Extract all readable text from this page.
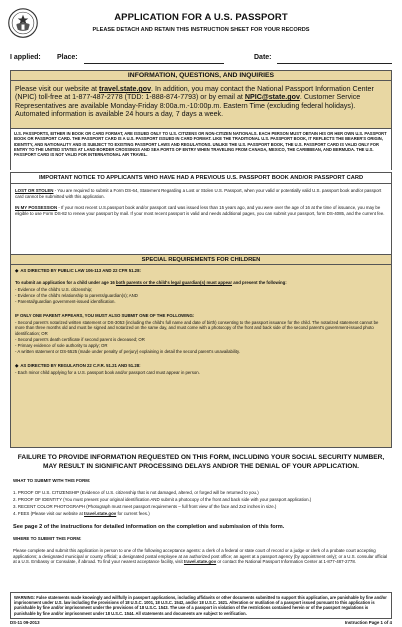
APPLICATION FOR A U.S. PASSPORT
PLEASE DETACH AND RETAIN THIS INSTRUCTION SHEET FOR YOUR RECORDS
I applied: Place:	Date:
INFORMATION, QUESTIONS, AND INQUIRIES
Please visit our website at travel.state.gov. In addition, you may contact the National Passport Information Center (NPIC) toll-free at 1-877-487-2778 (TDD: 1-888-874-7793) or by email at NPIC@state.gov. Customer Service Representatives are available Monday-Friday 8:00a.m.-10:00p.m. Eastern Time (excluding federal holidays). Automated information is available 24 hours a day, 7 days a week.
U.S. PASSPORTS, EITHER IN BOOK OR CARD FORMAT, ARE ISSUED ONLY TO U.S. CITIZENS OR NON-CITIZEN NATIONALS. EACH PERSON MUST OBTAIN HIS OR HER OWN U.S. PASSPORT BOOK OR PASSPORT CARD. THE PASSPORT CARD IS A U.S. PASSPORT ISSUED IN CARD FORMAT. LIKE THE TRADITIONAL U.S. PASSPORT BOOK, IT REFLECTS THE BEARER'S ORIGIN, IDENTITY, AND NATIONALITY AND IS SUBJECT TO EXISTING PASSPORT LAWS AND REGULATIONS. UNLIKE THE U.S. PASSPORT BOOK, THE U.S. PASSPORT CARD IS VALID ONLY FOR ENTRY TO THE UNITED STATES AT LAND BORDER CROSSINGS AND SEA PORTS OF ENTRY WHEN TRAVELING FROM CANADA, MEXICO, THE CARIBBEAN, AND BERMUDA. THE U.S. PASSPORT CARD IS NOT VALID FOR INTERNATIONAL AIR TRAVEL.
IMPORTANT NOTICE TO APPLICANTS WHO HAVE HAD A PREVIOUS U.S. PASSPORT BOOK AND/OR PASSPORT CARD
LOST OR STOLEN - You are required to submit a Form DS-64, Statement Regarding a Lost or Stolen U.S. Passport, when your valid or potentially valid U.S. passport book and/or passport card cannot be submitted with this application.
IN MY POSSESSION - If your most recent U.S.passport book and/or passport card was issued less than 15 years ago, and you were over the age of 16 at the time of issuance, you may be eligible to use Form DS-82 to renew your passport by mail. If your most recent passport is valid and needs additional pages, you can submit your passport, form DS-4085, and the current fee.
SPECIAL REQUIREMENTS FOR CHILDREN
◆ AS DIRECTED BY PUBLIC LAW 106-113 AND 22 CFR 51.28:
To submit an application for a child under age 16 both parents or the child's legal guardian(s) must appear and present the following:
- Evidence of the child's U.S. citizenship;
- Evidence of the child's relationship to parents/guardian(s); AND
- Parental/guardian government-issued identification.
IF ONLY ONE PARENT APPEARS, YOU MUST ALSO SUBMIT ONE OF THE FOLLOWING:
- Second parent's notarized written statement or DS-3053 (including the child's full name and date of birth) consenting to the passport issuance for the child. The notarized statement cannot be more than three months old and must be signed and notarized on the same day, and must come with a photocopy of the front and back side of the second parent's government-issued photo identification; OR
- Second parent's death certificate if second parent is deceased; OR
- Primary evidence of sole authority to apply; OR
- A written statement or DS-5525 (made under penalty of perjury) explaining in detail the second parent's unavailability.
◆ AS DIRECTED BY REGULATION 22 C.F.R. 51.21 AND 51.28:
- Each minor child applying for a U.S. passport book and/or passport card must appear in person.
FAILURE TO PROVIDE INFORMATION REQUESTED ON THIS FORM, INCLUDING YOUR SOCIAL SECURITY NUMBER,
MAY RESULT IN SIGNIFICANT PROCESSING DELAYS AND/OR THE DENIAL OF YOUR APPLICATION.
WHAT TO SUBMIT WITH THIS FORM:
1. PROOF OF U.S. CITIZENSHIP (Evidence of U.S. citizenship that is not damaged, altered, or forged will be returned to you.)
2. PROOF OF IDENTITY (You must present your original identification AND submit a photocopy of the front and back side with your passport application.)
3. RECENT COLOR PHOTOGRAPH (Photograph must meet passport requirements – full front view of the face and 2x2 inches in size.)
4. FEES (Please visit our website at travel.state.gov for current fees.)
See page 2 of the instructions for detailed information on the completion and submission of this form.
WHERE TO SUBMIT THIS FORM:
Please complete and submit this application in person to one of the following acceptance agents: a clerk of a federal or state court of record or a judge or clerk of a probate court accepting applications; a designated municipal or county official; a designated postal employee at an authorized post office; an agent at a passport agency (by appointment only); or a U.S. consular official at a U.S. Embassy or Consulate, if abroad. To find your nearest acceptance facility, visit travel.state.gov or contact the National Passport Information Center at 1-877-487-2778.
WARNING: False statements made knowingly and willfully in passport applications, including affidavits or other documents submitted to support this application, are punishable by fine and/or imprisonment under U.S. law including the provisions of 18 U.S.C. 1001, 18 U.S.C. 1542, and/or 18 U.S.C. 1621. Alteration or mutilation of a passport issued pursuant to this application is punishable by fine and/or imprisonment under the provisions of 18 U.S.C. 1543. The use of a passport in violation of the restrictions contained herein or of the passport regulations is punishable by fine and/or imprisonment under 18 U.S.C. 1544. All statements and documents are subject to verification.
DS-11 09-2013	Instruction Page 1 of 4
